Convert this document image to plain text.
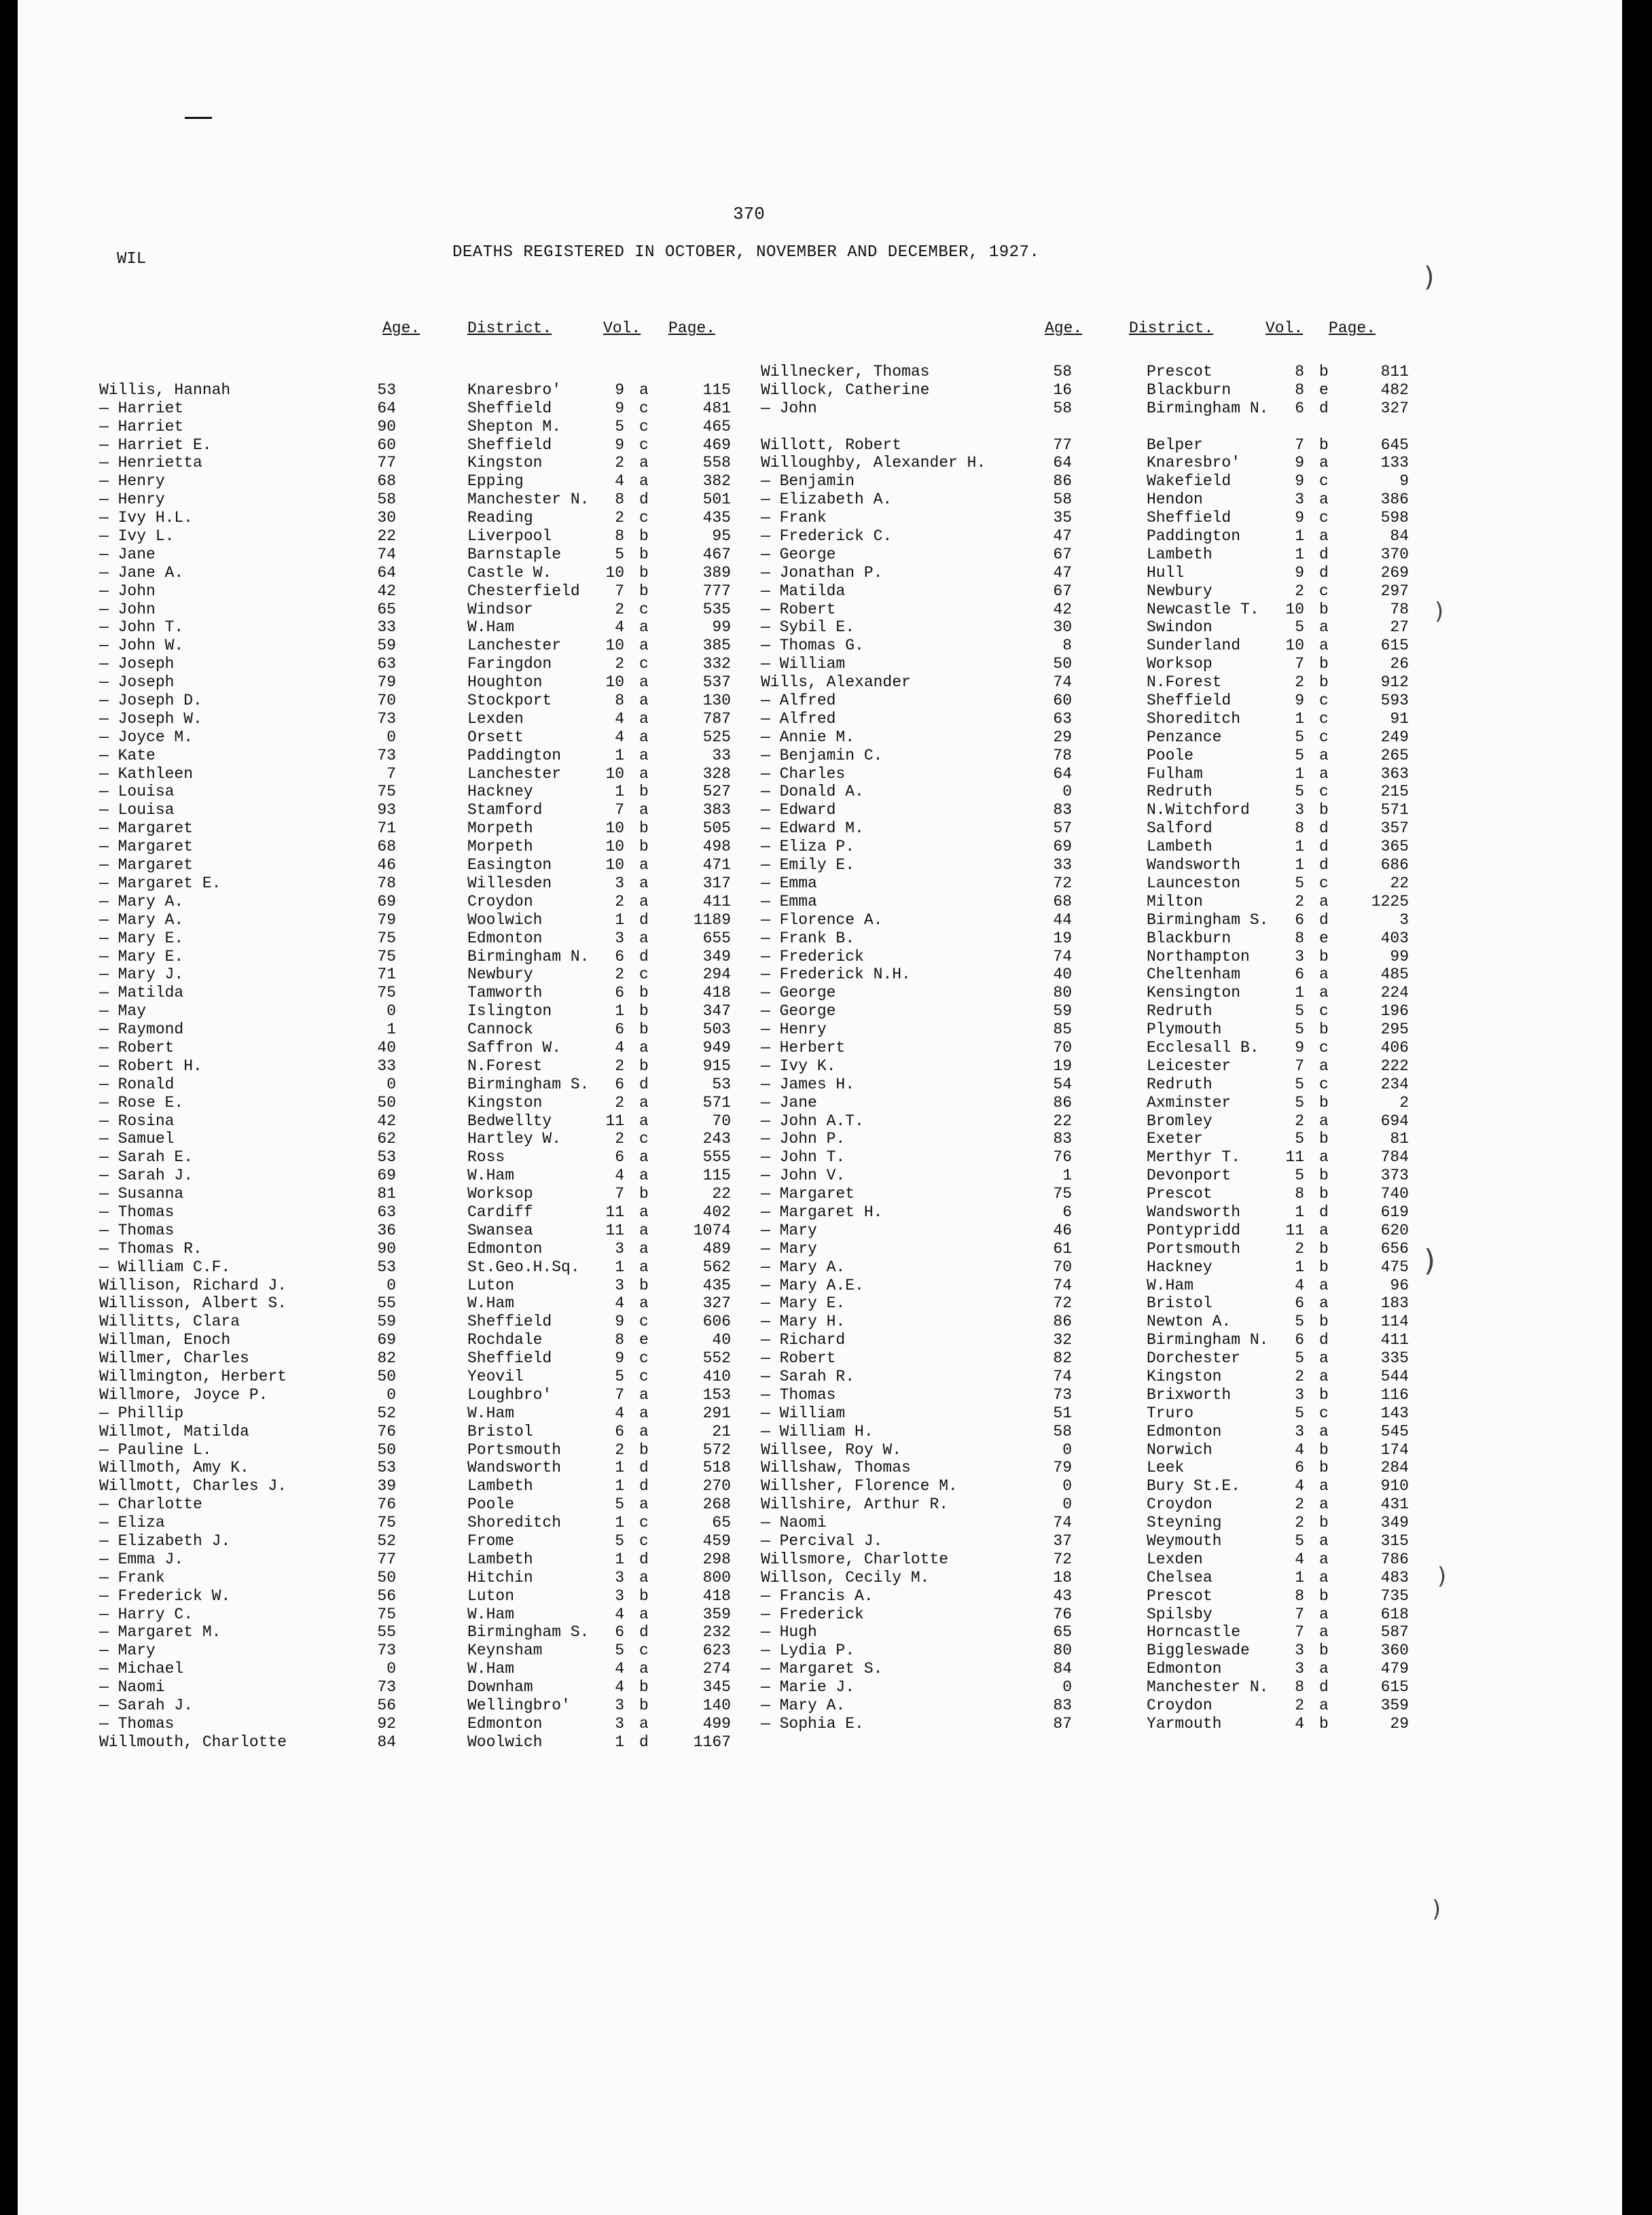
)
)
)
)
)
370
WIL	DEATHS REGISTERED IN OCTOBER, NOVEMBER AND DECEMBER, 1927.
Age.	District.	Vol. Page.	Age.	District.	Vol. Page.
Willis, Hannah	53	Knaresbro'	9 a	115
— Harriet	64	Sheffield	9 c	481
— Harriet	90	Shepton M.	5 c	465
— Harriet E.	60	Sheffield	9 c	469
— Henrietta	77	Kingston	2 a	558
— Henry	68	Epping	4 a	382
— Henry	58	Manchester N.	8 d	501
— Ivy H.L.	30	Reading	2 c	435
— Ivy L.	22	Liverpool	8 b	95
— Jane	74	Barnstaple	5 b	467
— Jane A.	64	Castle W.	10 b	389
— John	42	Chesterfield	7 b	777
— John	65	Windsor	2 c	535
— John T.	33	W.Ham	4 a	99
— John W.	59	Lanchester	10 a	385
— Joseph	63	Faringdon	2 c	332
— Joseph	79	Houghton	10 a	537
— Joseph D.	70	Stockport	8 a	130
— Joseph W.	73	Lexden	4 a	787
— Joyce M.	0	Orsett	4 a	525
— Kate	73	Paddington	1 a	33
— Kathleen	7	Lanchester	10 a	328
— Louisa	75	Hackney	1 b	527
— Louisa	93	Stamford	7 a	383
— Margaret	71	Morpeth	10 b	505
— Margaret	68	Morpeth	10 b	498
— Margaret	46	Easington	10 a	471
— Margaret E.	78	Willesden	3 a	317
— Mary A.	69	Croydon	2 a	411
— Mary A.	79	Woolwich	1 d	1189
— Mary E.	75	Edmonton	3 a	655
— Mary E.	75	Birmingham N.	6 d	349
— Mary J.	71	Newbury	2 c	294
— Matilda	75	Tamworth	6 b	418
— May	0	Islington	1 b	347
— Raymond	1	Cannock	6 b	503
— Robert	40	Saffron W.	4 a	949
— Robert H.	33	N.Forest	2 b	915
— Ronald	0	Birmingham S.	6 d	53
— Rose E.	50	Kingston	2 a	571
— Rosina	42	Bedwellty	11 a	70
— Samuel	62	Hartley W.	2 c	243
— Sarah E.	53	Ross	6 a	555
— Sarah J.	69	W.Ham	4 a	115
— Susanna	81	Worksop	7 b	22
— Thomas	63	Cardiff	11 a	402
— Thomas	36	Swansea	11 a	1074
— Thomas R.	90	Edmonton	3 a	489
— William C.F.	53	St.Geo.H.Sq.	1 a	562
Willison, Richard J.	0	Luton	3 b	435
Willisson, Albert S.	55	W.Ham	4 a	327
Willitts, Clara	59	Sheffield	9 c	606
Willman, Enoch	69	Rochdale	8 e	40
Willmer, Charles	82	Sheffield	9 c	552
Willmington, Herbert	50	Yeovil	5 c	410
Willmore, Joyce P.	0	Loughbro'	7 a	153
— Phillip	52	W.Ham	4 a	291
Willmot, Matilda	76	Bristol	6 a	21
— Pauline L.	50	Portsmouth	2 b	572
Willmoth, Amy K.	53	Wandsworth	1 d	518
Willmott, Charles J.	39	Lambeth	1 d	270
— Charlotte	76	Poole	5 a	268
— Eliza	75	Shoreditch	1 c	65
— Elizabeth J.	52	Frome	5 c	459
— Emma J.	77	Lambeth	1 d	298
— Frank	50	Hitchin	3 a	800
— Frederick W.	56	Luton	3 b	418
— Harry C.	75	W.Ham	4 a	359
— Margaret M.	55	Birmingham S.	6 d	232
— Mary	73	Keynsham	5 c	623
— Michael	0	W.Ham	4 a	274
— Naomi	73	Downham	4 b	345
— Sarah J.	56	Wellingbro'	3 b	140
— Thomas	92	Edmonton	3 a	499
Willmouth, Charlotte	84	Woolwich	1 d	1167
Willnecker, Thomas	58	Prescot	8 b	811
Willock, Catherine	16	Blackburn	8 e	482
— John	58	Birmingham N.	6 d	327
Willott, Robert	77	Belper	7 b	645
Willoughby, Alexander H.	64	Knaresbro'	9 a	133
— Benjamin	86	Wakefield	9 c	9
— Elizabeth A.	58	Hendon	3 a	386
— Frank	35	Sheffield	9 c	598
— Frederick C.	47	Paddington	1 a	84
— George	67	Lambeth	1 d	370
— Jonathan P.	47	Hull	9 d	269
— Matilda	67	Newbury	2 c	297
— Robert	42	Newcastle T.	10 b	78
— Sybil E.	30	Swindon	5 a	27
— Thomas G.	8	Sunderland	10 a	615
— William	50	Worksop	7 b	26
Wills, Alexander	74	N.Forest	2 b	912
— Alfred	60	Sheffield	9 c	593
— Alfred	63	Shoreditch	1 c	91
— Annie M.	29	Penzance	5 c	249
— Benjamin C.	78	Poole	5 a	265
— Charles	64	Fulham	1 a	363
— Donald A.	0	Redruth	5 c	215
— Edward	83	N.Witchford	3 b	571
— Edward M.	57	Salford	8 d	357
— Eliza P.	69	Lambeth	1 d	365
— Emily E.	33	Wandsworth	1 d	686
— Emma	72	Launceston	5 c	22
— Emma	68	Milton	2 a	1225
— Florence A.	44	Birmingham S.	6 d	3
— Frank B.	19	Blackburn	8 e	403
— Frederick	74	Northampton	3 b	99
— Frederick N.H.	40	Cheltenham	6 a	485
— George	80	Kensington	1 a	224
— George	59	Redruth	5 c	196
— Henry	85	Plymouth	5 b	295
— Herbert	70	Ecclesall B.	9 c	406
— Ivy K.	19	Leicester	7 a	222
— James H.	54	Redruth	5 c	234
— Jane	86	Axminster	5 b	2
— John A.T.	22	Bromley	2 a	694
— John P.	83	Exeter	5 b	81
— John T.	76	Merthyr T.	11 a	784
— John V.	1	Devonport	5 b	373
— Margaret	75	Prescot	8 b	740
— Margaret H.	6	Wandsworth	1 d	619
— Mary	46	Pontypridd	11 a	620
— Mary	61	Portsmouth	2 b	656
— Mary A.	70	Hackney	1 b	475
— Mary A.E.	74	W.Ham	4 a	96
— Mary E.	72	Bristol	6 a	183
— Mary H.	86	Newton A.	5 b	114
— Richard	32	Birmingham N.	6 d	411
— Robert	82	Dorchester	5 a	335
— Sarah R.	74	Kingston	2 a	544
— Thomas	73	Brixworth	3 b	116
— William	51	Truro	5 c	143
— William H.	58	Edmonton	3 a	545
Willsee, Roy W.	0	Norwich	4 b	174
Willshaw, Thomas	79	Leek	6 b	284
Willsher, Florence M.	0	Bury St.E.	4 a	910
Willshire, Arthur R.	0	Croydon	2 a	431
— Naomi	74	Steyning	2 b	349
— Percival J.	37	Weymouth	5 a	315
Willsmore, Charlotte	72	Lexden	4 a	786
Willson, Cecily M.	18	Chelsea	1 a	483
— Francis A.	43	Prescot	8 b	735
— Frederick	76	Spilsby	7 a	618
— Hugh	65	Horncastle	7 a	587
— Lydia P.	80	Biggleswade	3 b	360
— Margaret S.	84	Edmonton	3 a	479
— Marie J.	0	Manchester N.	8 d	615
— Mary A.	83	Croydon	2 a	359
— Sophia E.	87	Yarmouth	4 b	29
